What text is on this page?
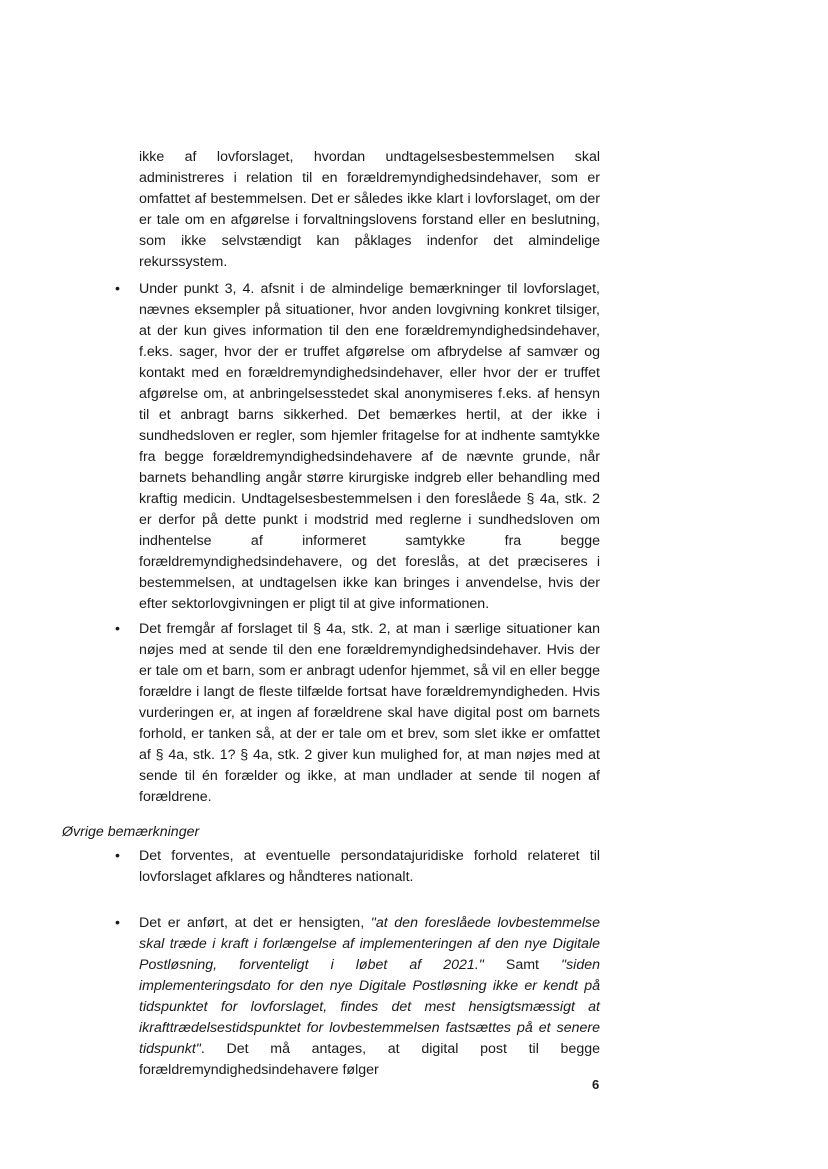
ikke af lovforslaget, hvordan undtagelsesbestemmelsen skal administreres i relation til en forældremyndighedsindehaver, som er omfattet af bestemmelsen. Det er således ikke klart i lovforslaget, om der er tale om en afgørelse i forvaltningslovens forstand eller en beslutning, som ikke selvstændigt kan påklages indenfor det almindelige rekurssystem.

• Under punkt 3, 4. afsnit i de almindelige bemærkninger til lovforslaget, nævnes eksempler på situationer, hvor anden lovgivning konkret tilsiger, at der kun gives information til den ene forældremyndighedsindehaver, f.eks. sager, hvor der er truffet afgørelse om afbrydelse af samvær og kontakt med en forældremyndighedsindehaver, eller hvor der er truffet afgørelse om, at anbringelsesstedet skal anonymiseres f.eks. af hensyn til et anbragt barns sikkerhed. Det bemærkes hertil, at der ikke i sundhedsloven er regler, som hjemler fritagelse for at indhente samtykke fra begge forældremyndighedsindehavere af de nævnte grunde, når barnets behandling angår større kirurgiske indgreb eller behandling med kraftig medicin. Undtagelsesbestemmelsen i den foreslåede § 4a, stk. 2 er derfor på dette punkt i modstrid med reglerne i sundhedsloven om indhentelse af informeret samtykke fra begge forældremyndighedsindehavere, og det foreslås, at det præciseres i bestemmelsen, at undtagelsen ikke kan bringes i anvendelse, hvis der efter sektorlovgivningen er pligt til at give informationen.
• Det fremgår af forslaget til § 4a, stk. 2, at man i særlige situationer kan nøjes med at sende til den ene forældremyndighedsindehaver. Hvis der er tale om et barn, som er anbragt udenfor hjemmet, så vil en eller begge forældre i langt de fleste tilfælde fortsat have forældremyndigheden. Hvis vurderingen er, at ingen af forældrene skal have digital post om barnets forhold, er tanken så, at der er tale om et brev, som slet ikke er omfattet af § 4a, stk. 1? § 4a, stk. 2 giver kun mulighed for, at man nøjes med at sende til én forælder og ikke, at man undlader at sende til nogen af forældrene.
Øvrige bemærkninger
• Det forventes, at eventuelle persondatajuridiske forhold relateret til lovforslaget afklares og håndteres nationalt.
• Det er anført, at det er hensigten, "at den foreslåede lovbestemmelse skal træde i kraft i forlængelse af implementeringen af den nye Digitale Postløsning, forventeligt i løbet af 2021." Samt "siden implementeringsdato for den nye Digitale Postløsning ikke er kendt på tidspunktet for lovforslaget, findes det mest hensigtsmæssigt at ikrafttrædelsestidspunktet for lovbestemmelsen fastsættes på et senere tidspunkt". Det må antages, at digital post til begge forældremyndighedsindehavere følger
6
